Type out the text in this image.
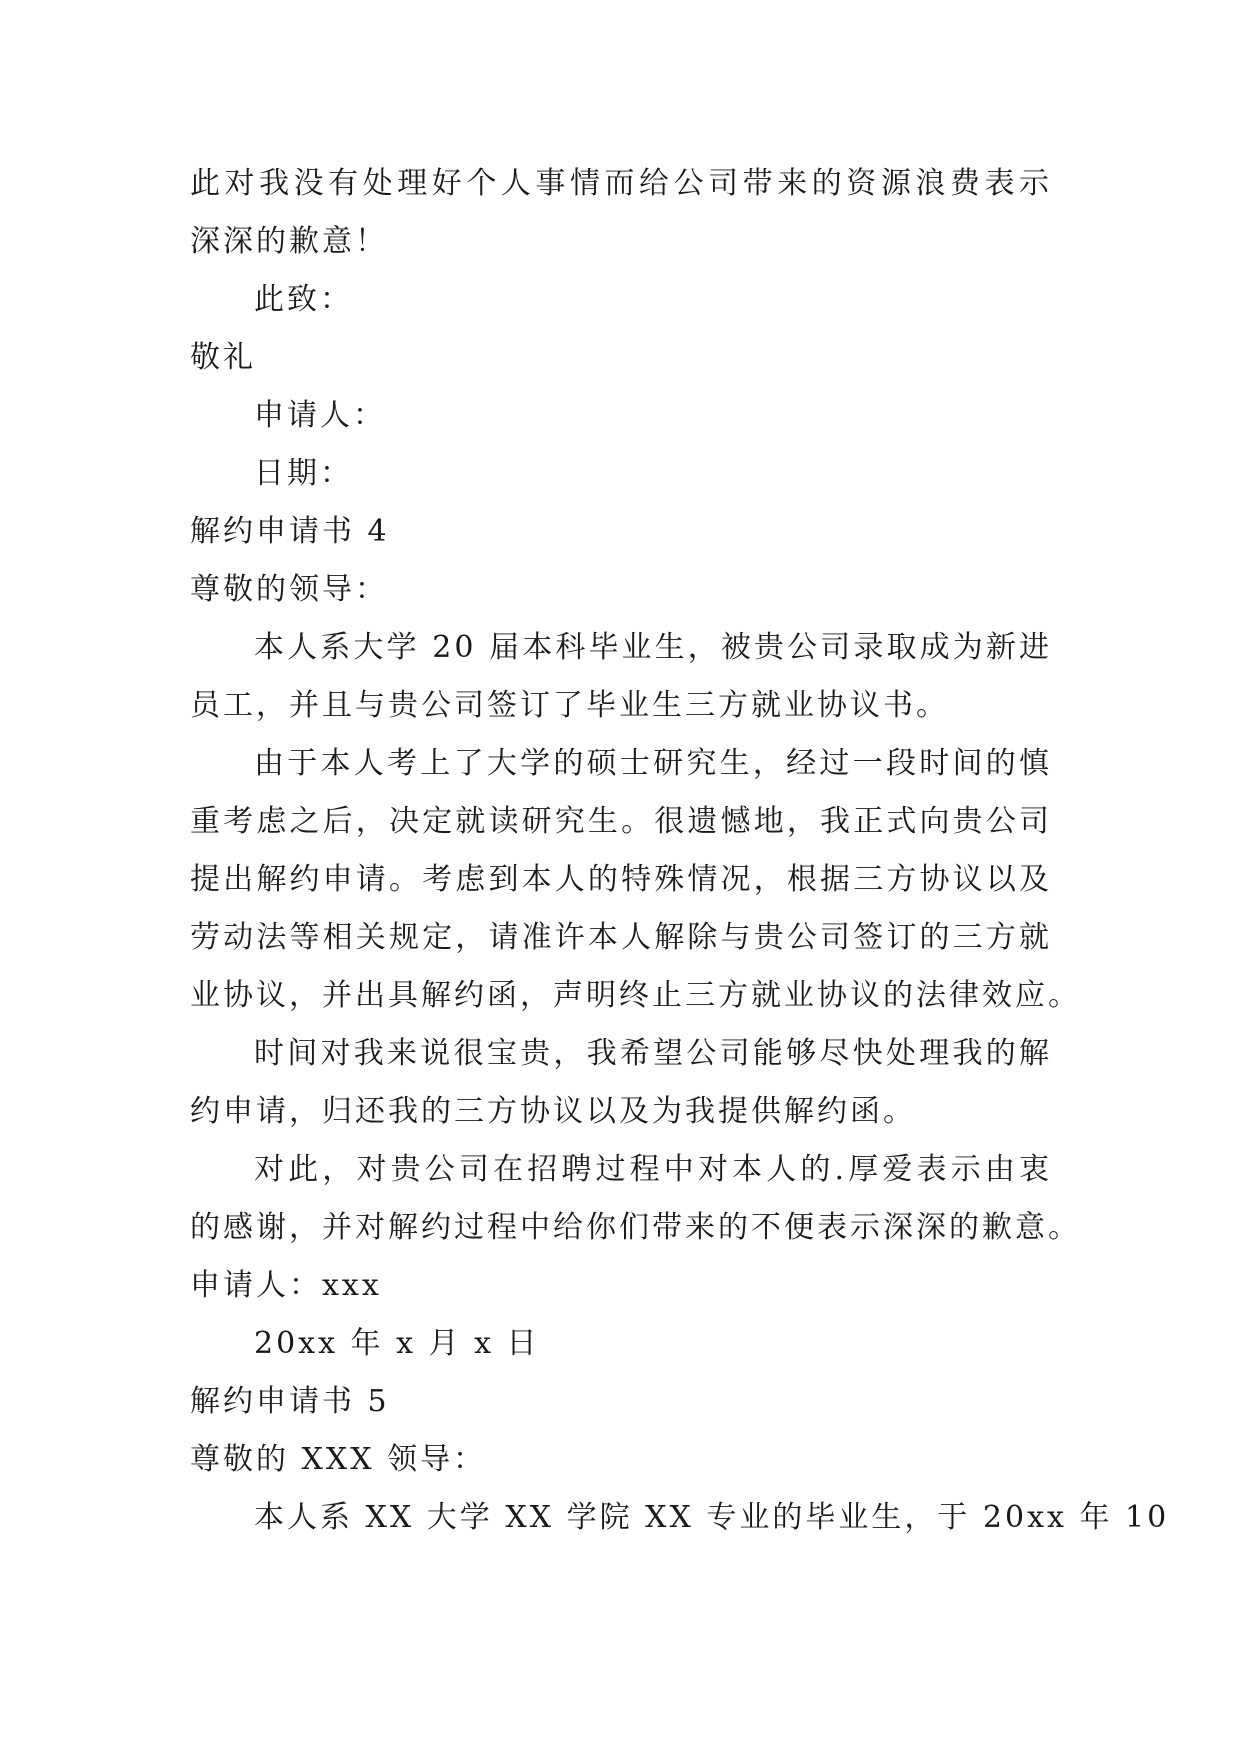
此对我没有处理好个人事情而给公司带来的资源浪费表示
深深的歉意！
此致：
敬礼
申请人：
日期：
解约申请书 4
尊敬的领导：
本人系大学 20 届本科毕业生，被贵公司录取成为新进
员工，并且与贵公司签订了毕业生三方就业协议书。
由于本人考上了大学的硕士研究生，经过一段时间的慎
重考虑之后，决定就读研究生。很遗憾地，我正式向贵公司
提出解约申请。考虑到本人的特殊情况，根据三方协议以及
劳动法等相关规定，请准许本人解除与贵公司签订的三方就
业协议，并出具解约函，声明终止三方就业协议的法律效应。
时间对我来说很宝贵，我希望公司能够尽快处理我的解
约申请，归还我的三方协议以及为我提供解约函。
对此，对贵公司在招聘过程中对本人的.厚爱表示由衷
的感谢，并对解约过程中给你们带来的不便表示深深的歉意。
申请人：xxx
20xx 年 x 月 x 日
解约申请书 5
尊敬的 XXX 领导：
本人系 XX 大学 XX 学院 XX 专业的毕业生，于 20xx 年 10
